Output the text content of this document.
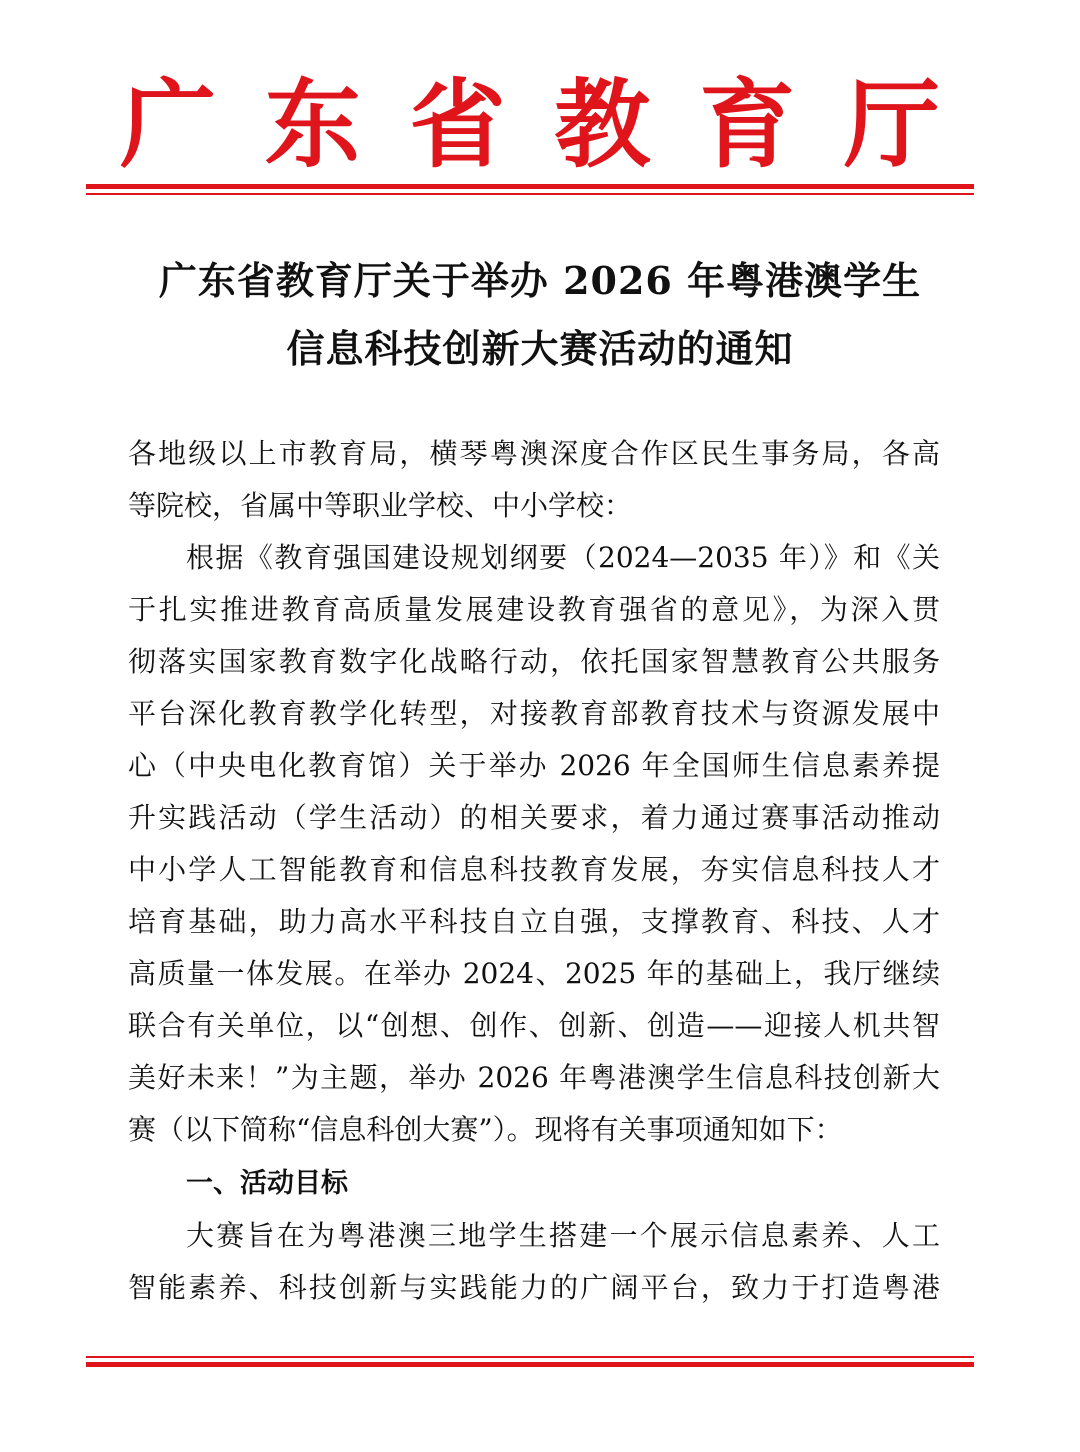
广 东 省 教 育 厅
广东省教育厅关于举办 2026 年粤港澳学生
信息科技创新大赛活动的通知
各地级以上市教育局，横琴粤澳深度合作区民生事务局，各高
等院校，省属中等职业学校、中小学校：
根据《教育强国建设规划纲要（2024—2035 年）》和《关
于扎实推进教育高质量发展建设教育强省的意见》，为深入贯
彻落实国家教育数字化战略行动，依托国家智慧教育公共服务
平台深化教育教学化转型，对接教育部教育技术与资源发展中
心（中央电化教育馆）关于举办 2026 年全国师生信息素养提
升实践活动（学生活动）的相关要求，着力通过赛事活动推动
中小学人工智能教育和信息科技教育发展，夯实信息科技人才
培育基础，助力高水平科技自立自强，支撑教育、科技、人才
高质量一体发展。在举办 2024、2025 年的基础上，我厅继续
联合有关单位，以“创想、创作、创新、创造——迎接人机共智
美好未来！”为主题，举办 2026 年粤港澳学生信息科技创新大
赛（以下简称“信息科创大赛”）。现将有关事项通知如下：
一、活动目标
大赛旨在为粤港澳三地学生搭建一个展示信息素养、人工
智能素养、科技创新与实践能力的广阔平台，致力于打造粤港
